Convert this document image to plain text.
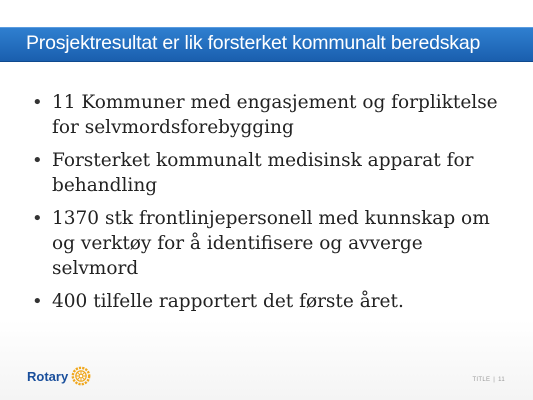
Prosjektresultat er lik forsterket kommunalt beredskap
• 11 Kommuner med engasjement og forpliktelse for selvmordsforebygging
• Forsterket kommunalt medisinsk apparat for behandling
• 1370 stk frontlinjepersonell med kunnskap om og verktøy for å identifisere og avverge selvmord
• 400 tilfelle rapportert det første året.
Rotary	TITLE | 11
